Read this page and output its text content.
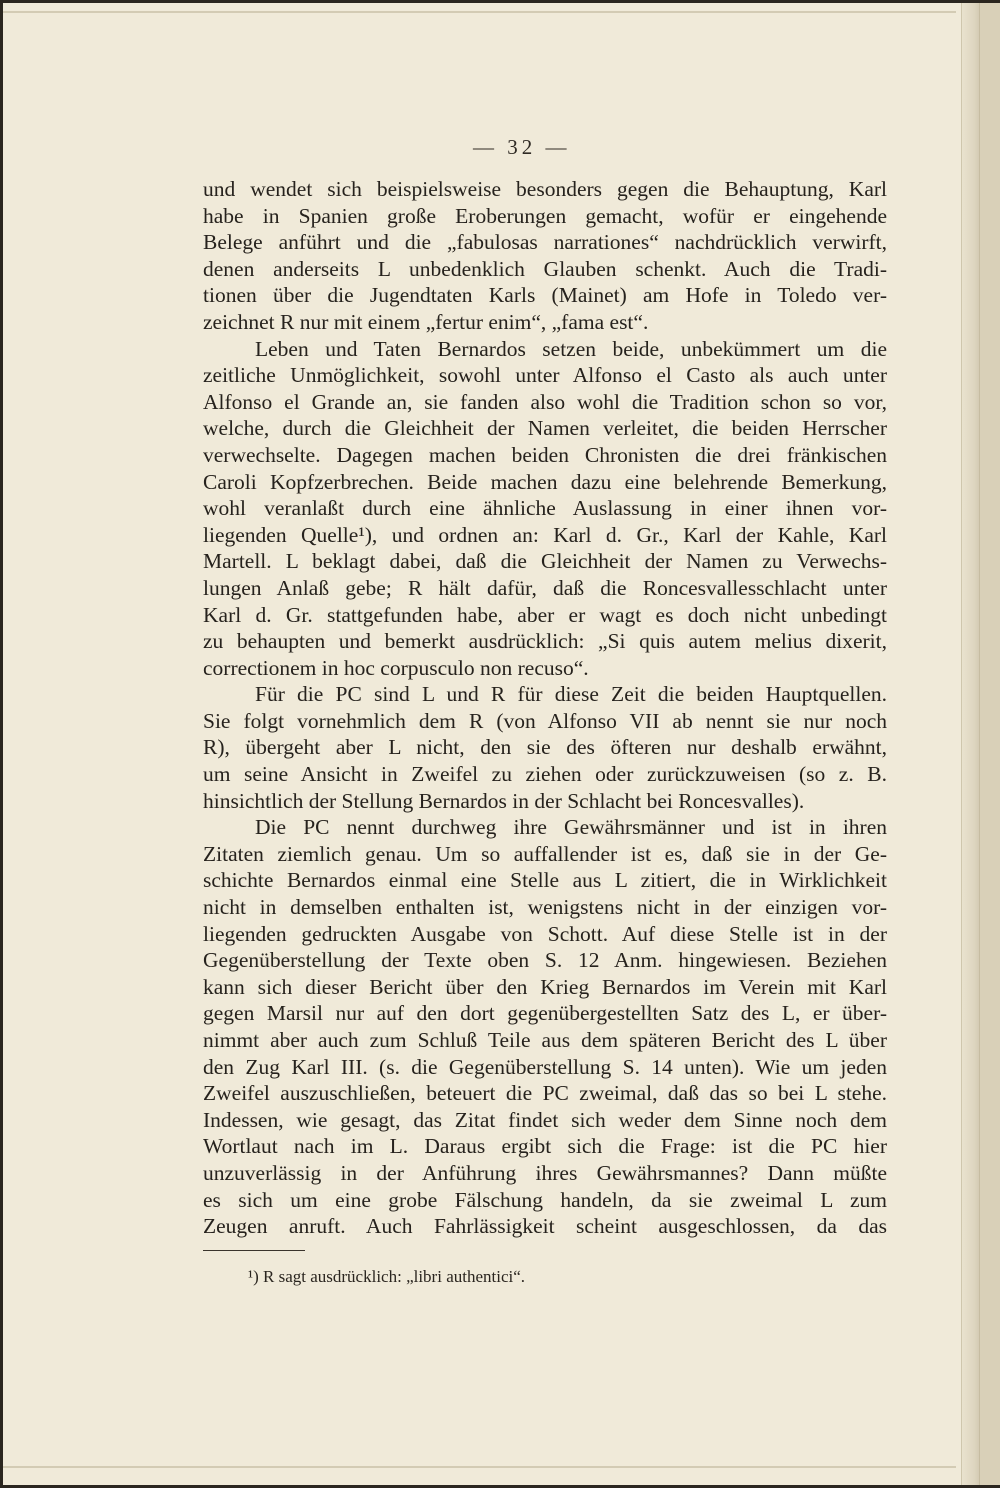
— 32 —
und wendet sich beispielsweise besonders gegen die Behauptung, Karl
habe in Spanien große Eroberungen gemacht, wofür er eingehende
Belege anführt und die „fabulosas narrationes“ nachdrücklich verwirft,
denen anderseits L unbedenklich Glauben schenkt. Auch die Tradi-
tionen über die Jugendtaten Karls (Mainet) am Hofe in Toledo ver-
zeichnet R nur mit einem „fertur enim“, „fama est“.
Leben und Taten Bernardos setzen beide, unbekümmert um die
zeitliche Unmöglichkeit, sowohl unter Alfonso el Casto als auch unter
Alfonso el Grande an, sie fanden also wohl die Tradition schon so vor,
welche, durch die Gleichheit der Namen verleitet, die beiden Herrscher
verwechselte. Dagegen machen beiden Chronisten die drei fränkischen
Caroli Kopfzerbrechen. Beide machen dazu eine belehrende Bemerkung,
wohl veranlaßt durch eine ähnliche Auslassung in einer ihnen vor-
liegenden Quelle¹), und ordnen an: Karl d. Gr., Karl der Kahle, Karl
Martell. L beklagt dabei, daß die Gleichheit der Namen zu Verwechs-
lungen Anlaß gebe; R hält dafür, daß die Roncesvallesschlacht unter
Karl d. Gr. stattgefunden habe, aber er wagt es doch nicht unbedingt
zu behaupten und bemerkt ausdrücklich: „Si quis autem melius dixerit,
correctionem in hoc corpusculo non recuso“.
Für die PC sind L und R für diese Zeit die beiden Hauptquellen.
Sie folgt vornehmlich dem R (von Alfonso VII ab nennt sie nur noch
R), übergeht aber L nicht, den sie des öfteren nur deshalb erwähnt,
um seine Ansicht in Zweifel zu ziehen oder zurückzuweisen (so z. B.
hinsichtlich der Stellung Bernardos in der Schlacht bei Roncesvalles).
Die PC nennt durchweg ihre Gewährsmänner und ist in ihren
Zitaten ziemlich genau. Um so auffallender ist es, daß sie in der Ge-
schichte Bernardos einmal eine Stelle aus L zitiert, die in Wirklichkeit
nicht in demselben enthalten ist, wenigstens nicht in der einzigen vor-
liegenden gedruckten Ausgabe von Schott. Auf diese Stelle ist in der
Gegenüberstellung der Texte oben S. 12 Anm. hingewiesen. Beziehen
kann sich dieser Bericht über den Krieg Bernardos im Verein mit Karl
gegen Marsil nur auf den dort gegenübergestellten Satz des L, er über-
nimmt aber auch zum Schluß Teile aus dem späteren Bericht des L über
den Zug Karl III. (s. die Gegenüberstellung S. 14 unten). Wie um jeden
Zweifel auszuschließen, beteuert die PC zweimal, daß das so bei L stehe.
Indessen, wie gesagt, das Zitat findet sich weder dem Sinne noch dem
Wortlaut nach im L. Daraus ergibt sich die Frage: ist die PC hier
unzuverlässig in der Anführung ihres Gewährsmannes? Dann müßte
es sich um eine grobe Fälschung handeln, da sie zweimal L zum
Zeugen anruft. Auch Fahrlässigkeit scheint ausgeschlossen, da das
¹) R sagt ausdrücklich: „libri authentici“.
